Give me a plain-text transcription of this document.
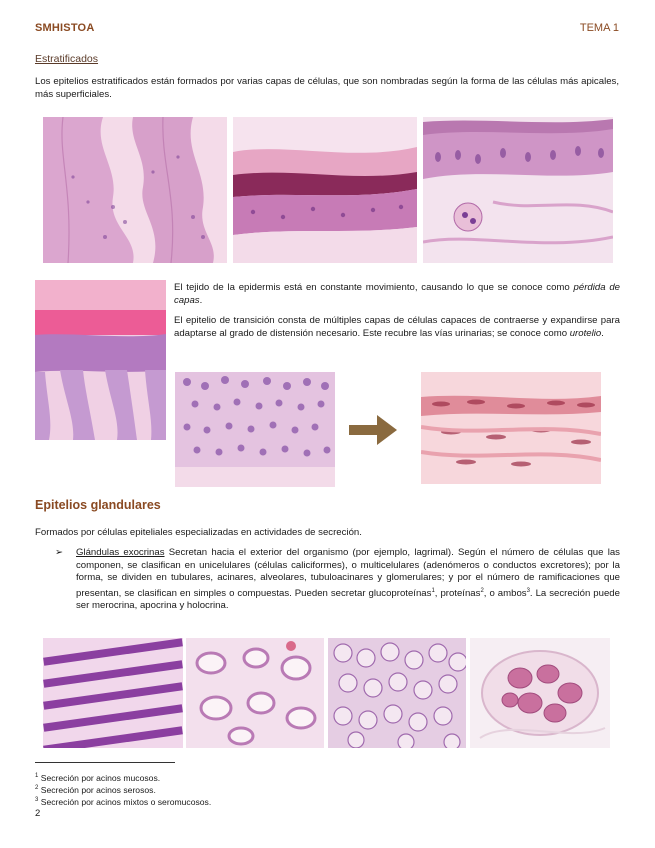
SMHISTOA	TEMA 1
Estratificados
Los epitelios estratificados están formados por varias capas de células, que son nombradas según la forma de las células más apicales, más superficiales.
El tejido de la epidermis está en constante movimiento, causando lo que se conoce como pérdida de capas.
El epitelio de transición consta de múltiples capas de células capaces de contraerse y expandirse para adaptarse al grado de distensión necesario. Este recubre las vías urinarias; se conoce como urotelio.
Epitelios glandulares
Formados por células epiteliales especializadas en actividades de secreción.
➢ Glándulas exocrinas Secretan hacia el exterior del organismo (por ejemplo, lagrimal). Según el número de células que las componen, se clasifican en unicelulares (células caliciformes), o multicelulares (adenómeros o conductos excretores); por la forma, se dividen en tubulares, acinares, alveolares, tubuloacinares y glomerulares; y por el número de ramificaciones que presentan, se clasifican en simples o compuestas. Pueden secretar glucoproteínas$^1$, proteínas$^2$, o ambos$^3$. La secreción puede ser merocrina, apocrina y holocrina.
$^1$ Secreción por acinos mucosos.
$^2$ Secreción por acinos serosos.
$^3$ Secreción por acinos mixtos o seromucosos.
2
